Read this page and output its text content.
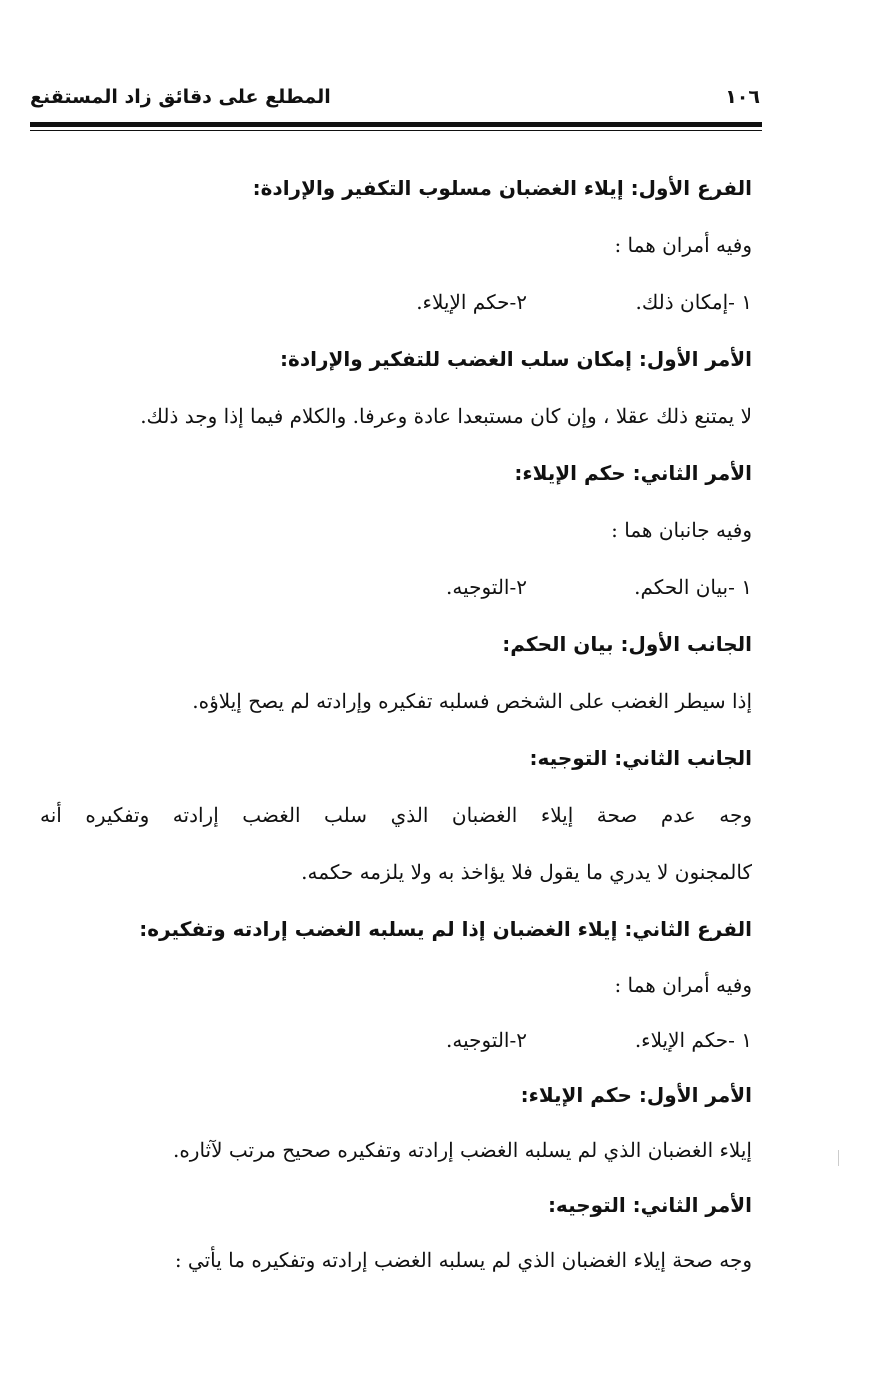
المطلع على دقائق زاد المستقنع	١٠٦
الفرع الأول: إيلاء الغضبان مسلوب التكفير والإرادة:
وفيه أمران هما :
١ -إمكان ذلك.
٢-حكم الإيلاء.
الأمر الأول: إمكان سلب الغضب للتفكير والإرادة:
لا يمتنع ذلك عقلا ، وإن كان مستبعدا عادة وعرفا. والكلام فيما إذا وجد ذلك.
الأمر الثاني: حكم الإيلاء:
وفيه جانبان هما :
١ -بيان الحكم.
٢-التوجيه.
الجانب الأول: بيان الحكم:
إذا سيطر الغضب على الشخص فسلبه تفكيره وإرادته لم يصح إيلاؤه.
الجانب الثاني: التوجيه:
وجه عدم صحة إيلاء الغضبان الذي سلب الغضب إرادته وتفكيره أنه
كالمجنون لا يدري ما يقول فلا يؤاخذ به ولا يلزمه حكمه.
الفرع الثاني: إيلاء الغضبان إذا لم يسلبه الغضب إرادته وتفكيره:
وفيه أمران هما :
١ -حكم الإيلاء.
٢-التوجيه.
الأمر الأول: حكم الإيلاء:
إيلاء الغضبان الذي لم يسلبه الغضب إرادته وتفكيره صحيح مرتب لآثاره.
الأمر الثاني: التوجيه:
وجه صحة إيلاء الغضبان الذي لم يسلبه الغضب إرادته وتفكيره ما يأتي :
